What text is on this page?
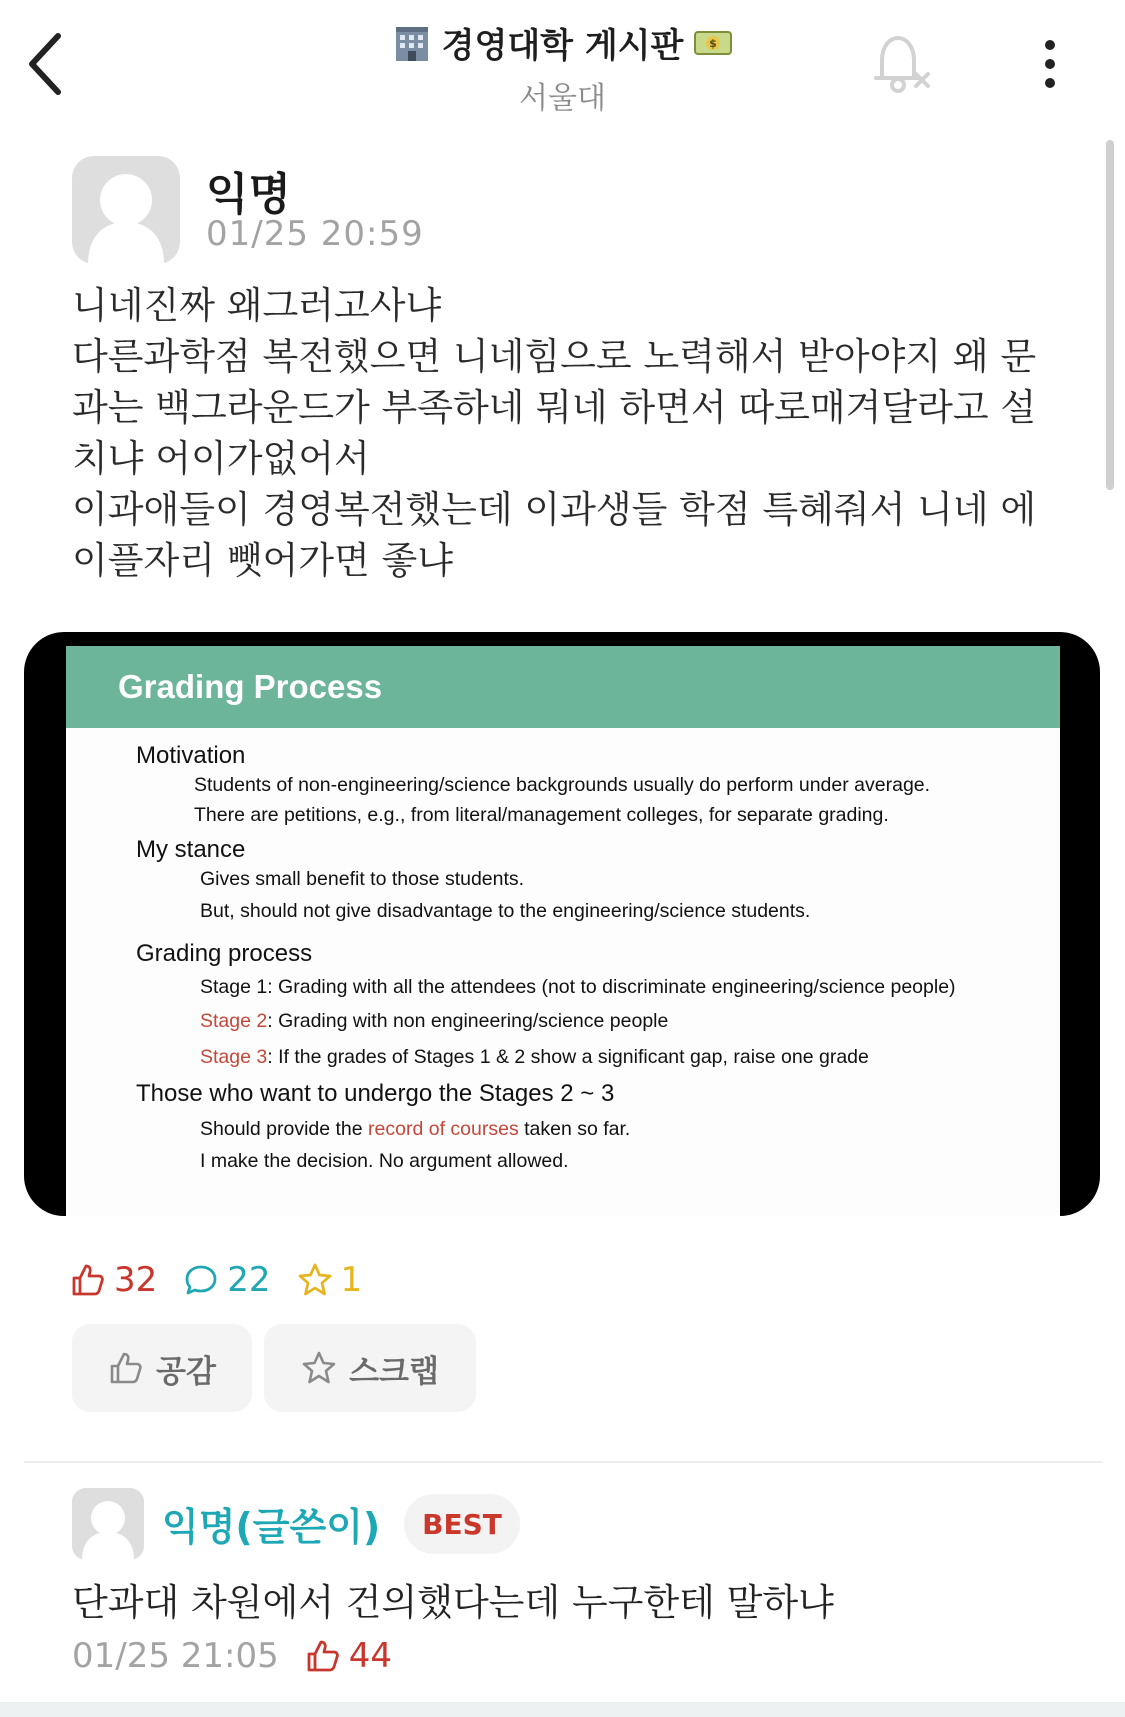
경영대학 게시판 $
서울대
익명
01/25 20:59
니네진짜 왜그러고사냐
다른과학점 복전했으면 니네힘으로 노력해서 받아야지 왜 문
과는 백그라운드가 부족하네 뭐네 하면서 따로매겨달라고 설
치냐 어이가없어서
이과애들이 경영복전했는데 이과생들 학점 특혜줘서 니네 에
이플자리 뺏어가면 좋냐
Grading Process
Motivation
Students of non-engineering/science backgrounds usually do perform under average.
There are petitions, e.g., from literal/management colleges, for separate grading.
My stance
Gives small benefit to those students.
But, should not give disadvantage to the engineering/science students.
Grading process
Stage 1: Grading with all the attendees (not to discriminate engineering/science people)
Stage 2: Grading with non engineering/science people
Stage 3: If the grades of Stages 1 & 2 show a significant gap, raise one grade
Those who want to undergo the Stages 2 ~ 3
Should provide the record of courses taken so far.
I make the decision. No argument allowed.
32 22 1
공감	스크랩
익명(글쓴이)	BEST
단과대 차원에서 건의했다는데 누구한테 말하냐
01/25 21:05 44
